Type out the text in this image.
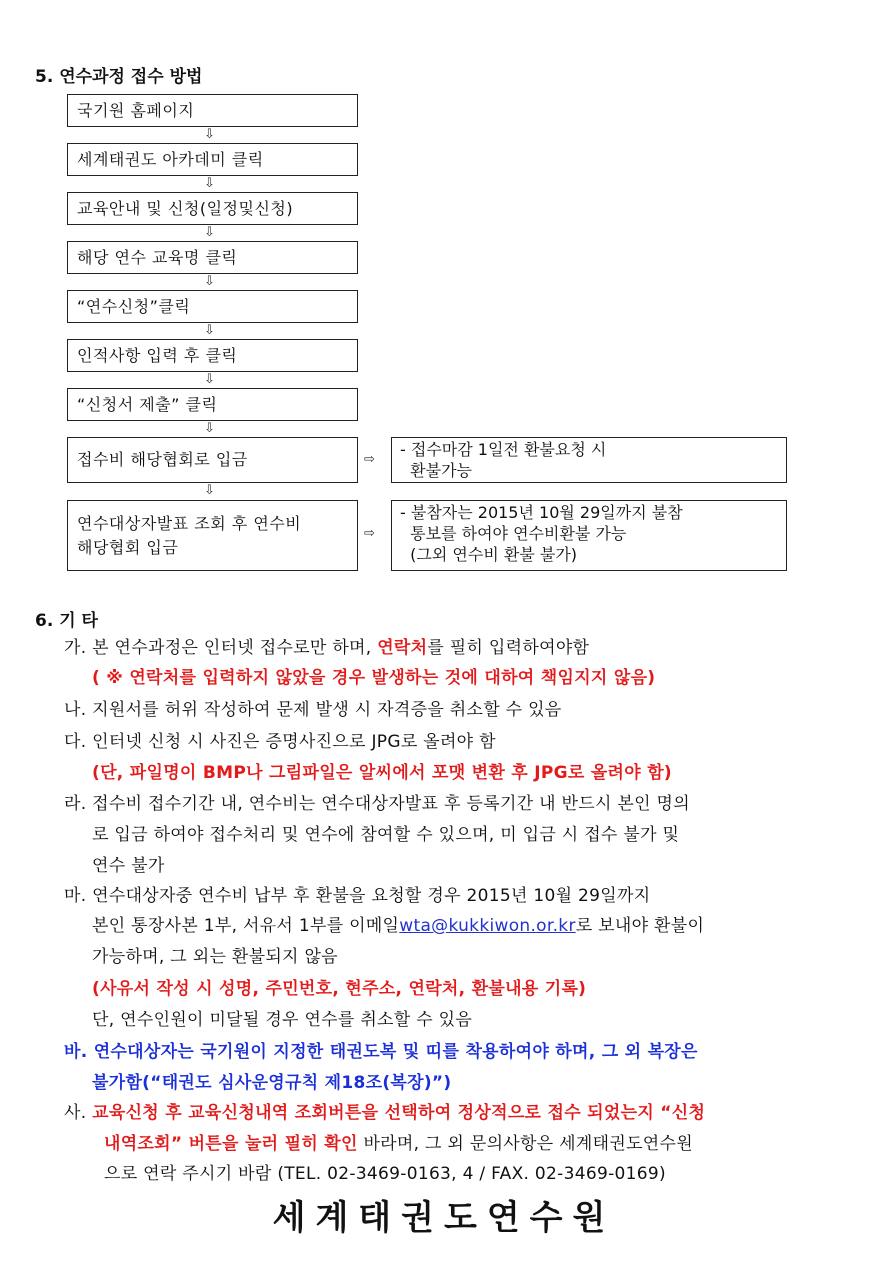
5. 연수과정 접수 방법
국기원 홈페이지
⇩
세계태권도 아카데미 클릭
⇩
교육안내 및 신청(일정및신청)
⇩
해당 연수 교육명 클릭
⇩
“연수신청”클릭
⇩
인적사항 입력 후 클릭
⇩
“신청서 제출” 클릭
⇩
접수비 해당협회로 입금
⇩
연수대상자발표 조회 후 연수비
해당협회 입금
⇨
- 접수마감 1일전 환불요청 시
환불가능
⇨
- 불참자는 2015년 10월 29일까지 불참
통보를 하여야 연수비환불 가능
(그외 연수비 환불 불가)
6. 기 타
가. 본 연수과정은 인터넷 접수로만 하며, 연락처를 필히 입력하여야함
( ※ 연락처를 입력하지 않았을 경우 발생하는 것에 대하여 책임지지 않음)
나. 지원서를 허위 작성하여 문제 발생 시 자격증을 취소할 수 있음
다. 인터넷 신청 시 사진은 증명사진으로 JPG로 올려야 함
(단, 파일명이 BMP나 그림파일은 알씨에서 포맷 변환 후 JPG로 올려야 함)
라. 접수비 접수기간 내, 연수비는 연수대상자발표 후 등록기간 내 반드시 본인 명의
로 입금 하여야 접수처리 및 연수에 참여할 수 있으며, 미 입금 시 접수 불가 및
연수 불가
마. 연수대상자중 연수비 납부 후 환불을 요청할 경우 2015년 10월 29일까지
본인 통장사본 1부, 서유서 1부를 이메일wta@kukkiwon.or.kr로 보내야 환불이
가능하며, 그 외는 환불되지 않음
(사유서 작성 시 성명, 주민번호, 현주소, 연락처, 환불내용 기록)
단, 연수인원이 미달될 경우 연수를 취소할 수 있음
바. 연수대상자는 국기원이 지정한 태권도복 및 띠를 착용하여야 하며, 그 외 복장은
불가함(“태권도 심사운영규칙 제18조(복장)”)
사. 교육신청 후 교육신청내역 조회버튼을 선택하여 정상적으로 접수 되었는지 “신청
내역조회” 버튼을 눌러 필히 확인 바라며, 그 외 문의사항은 세계태권도연수원
으로 연락 주시기 바람 (TEL. 02-3469-0163, 4 / FAX. 02-3469-0169)
세계태권도연수원
